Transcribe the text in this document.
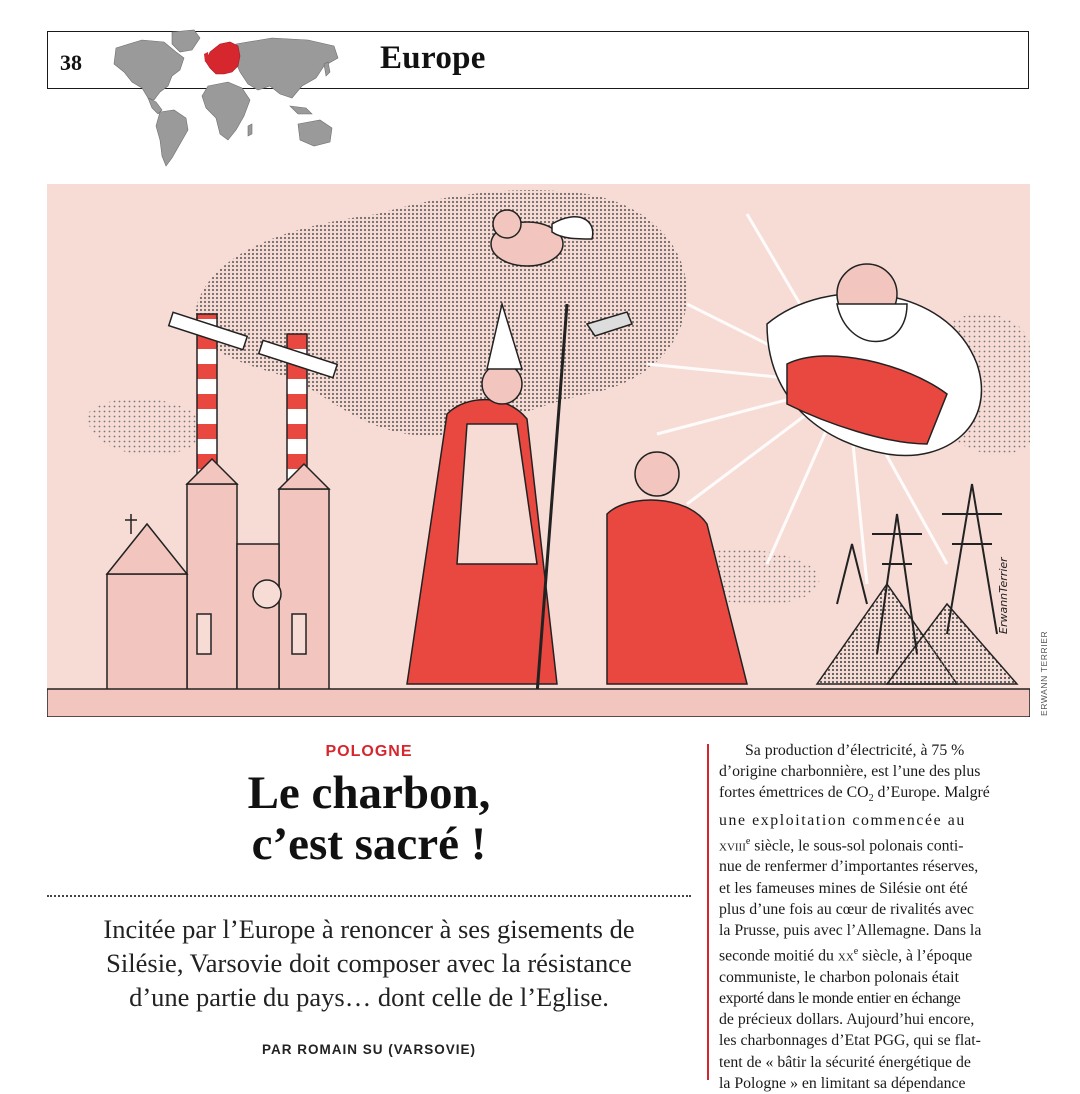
38	Europe
ErwannTerrier
ERWANN TERRIER
POLOGNE
Le charbon,
c’est sacré !

Incitée par l’Europe à renoncer à ses gisements de
Silésie, Varsovie doit composer avec la résistance
d’une partie du pays… dont celle de l’Eglise.

PAR ROMAIN SU (VARSOVIE)

Sa production d’électricité, à 75 %
d’origine charbonnière, est l’une des plus
fortes émettrices de $CO_2$ d’Europe. Malgré
une exploitation commencée au
xviii$^e$ siècle, le sous-sol polonais conti-
nue de renfermer d’importantes réserves,
et les fameuses mines de Silésie ont été
plus d’une fois au cœur de rivalités avec
la Prusse, puis avec l’Allemagne. Dans la
seconde moitié du $xx^e$ siècle, à l’époque
communiste, le charbon polonais était
exporté dans le monde entier en échange
de précieux dollars. Aujourd’hui encore,
les charbonnages d’Etat PGG, qui se flat-
tent de « bâtir la sécurité énergétique de
la Pologne » en limitant sa dépendance
